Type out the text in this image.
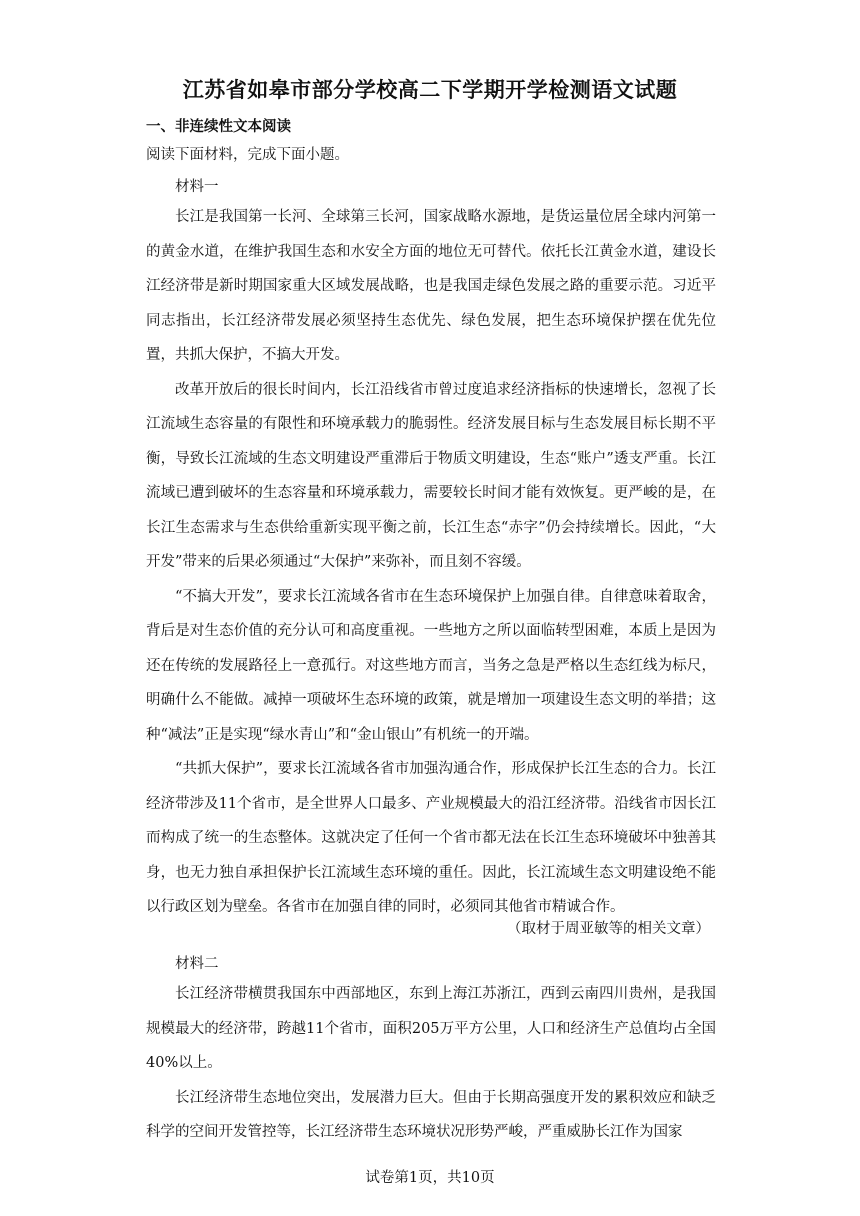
江苏省如皋市部分学校高二下学期开学检测语文试题
一、非连续性文本阅读
阅读下面材料，完成下面小题。
材料一

长江是我国第一长河、全球第三长河，国家战略水源地，是货运量位居全球内河第一的黄金水道，在维护我国生态和水安全方面的地位无可替代。依托长江黄金水道，建设长江经济带是新时期国家重大区域发展战略，也是我国走绿色发展之路的重要示范。习近平同志指出，长江经济带发展必须坚持生态优先、绿色发展，把生态环境保护摆在优先位置，共抓大保护，不搞大开发。

改革开放后的很长时间内，长江沿线省市曾过度追求经济指标的快速增长，忽视了长江流域生态容量的有限性和环境承载力的脆弱性。经济发展目标与生态发展目标长期不平衡，导致长江流域的生态文明建设严重滞后于物质文明建设，生态“账户”透支严重。长江流域已遭到破坏的生态容量和环境承载力，需要较长时间才能有效恢复。更严峻的是，在长江生态需求与生态供给重新实现平衡之前，长江生态“赤字”仍会持续增长。因此，“大开发”带来的后果必须通过“大保护”来弥补，而且刻不容缓。

“不搞大开发”，要求长江流域各省市在生态环境保护上加强自律。自律意味着取舍，背后是对生态价值的充分认可和高度重视。一些地方之所以面临转型困难，本质上是因为还在传统的发展路径上一意孤行。对这些地方而言，当务之急是严格以生态红线为标尺，明确什么不能做。减掉一项破坏生态环境的政策，就是增加一项建设生态文明的举措；这种“减法”正是实现“绿水青山”和“金山银山”有机统一的开端。

“共抓大保护”，要求长江流域各省市加强沟通合作，形成保护长江生态的合力。长江经济带涉及11个省市，是全世界人口最多、产业规模最大的沿江经济带。沿线省市因长江而构成了统一的生态整体。这就决定了任何一个省市都无法在长江生态环境破坏中独善其身，也无力独自承担保护长江流域生态环境的重任。因此，长江流域生态文明建设绝不能以行政区划为壁垒。各省市在加强自律的同时，必须同其他省市精诚合作。

（取材于周亚敏等的相关文章）
材料二

长江经济带横贯我国东中西部地区，东到上海江苏浙江，西到云南四川贵州，是我国规模最大的经济带，跨越11个省市，面积205万平方公里，人口和经济生产总值均占全国40%以上。

长江经济带生态地位突出，发展潜力巨大。但由于长期高强度开发的累积效应和缺乏科学的空间开发管控等，长江经济带生态环境状况形势严峻，严重威胁长江作为国家

试卷第1页，共10页
